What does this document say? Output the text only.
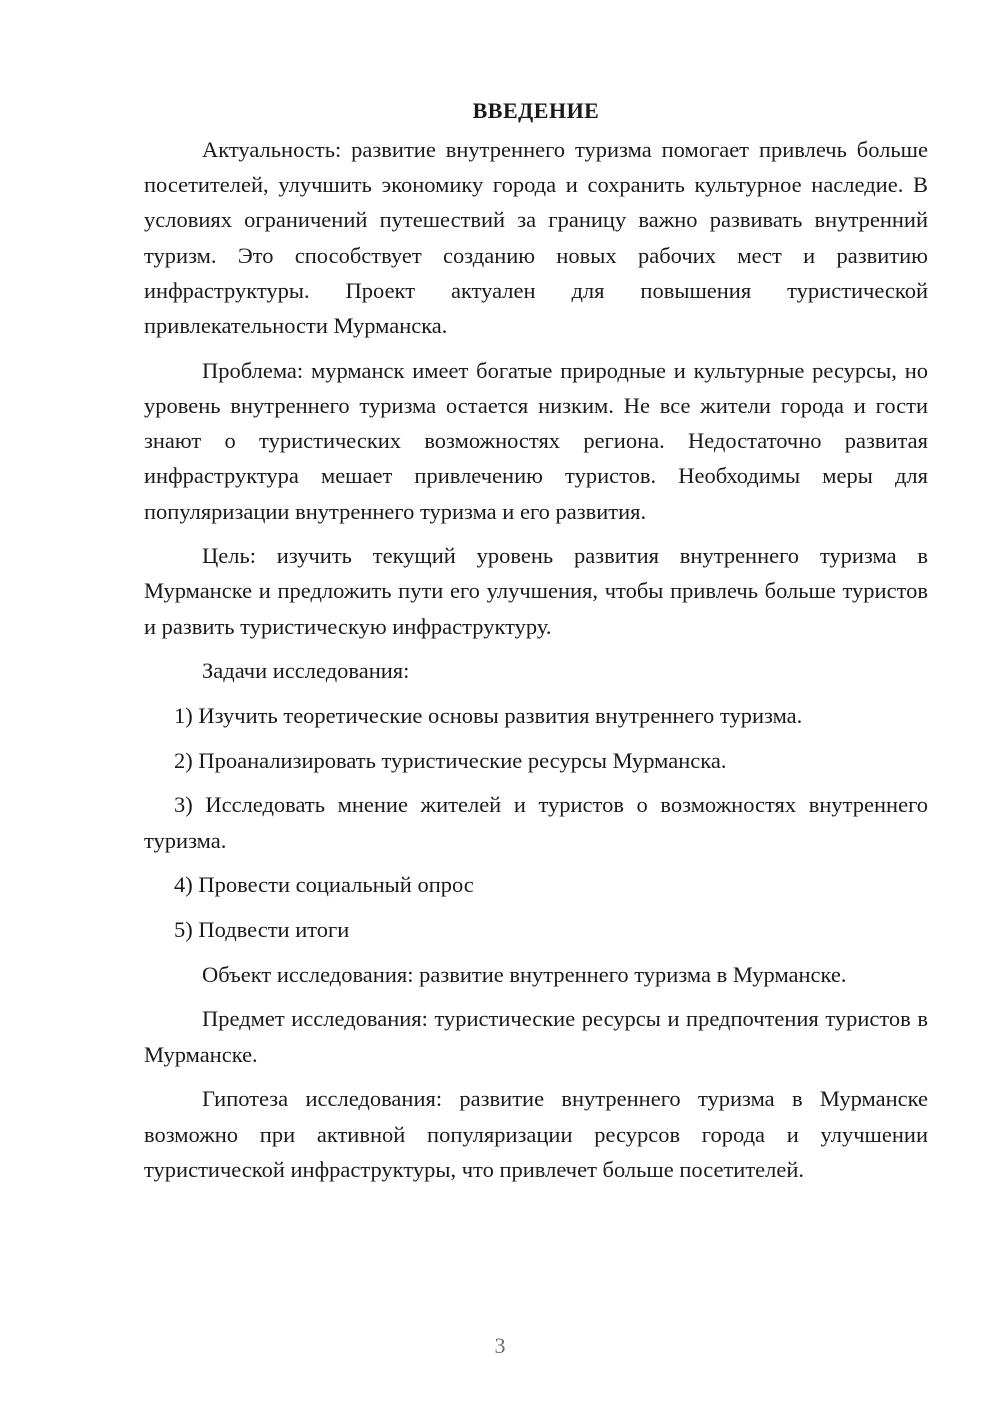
ВВЕДЕНИЕ

Актуальность: развитие внутреннего туризма помогает привлечь больше посетителей, улучшить экономику города и сохранить культурное наследие. В условиях ограничений путешествий за границу важно развивать внутренний туризм. Это способствует созданию новых рабочих мест и развитию инфраструктуры. Проект актуален для повышения туристической привлекательности Мурманска.

Проблема: мурманск имеет богатые природные и культурные ресурсы, но уровень внутреннего туризма остается низким. Не все жители города и гости знают о туристических возможностях региона. Недостаточно развитая инфраструктура мешает привлечению туристов. Необходимы меры для популяризации внутреннего туризма и его развития.

Цель: изучить текущий уровень развития внутреннего туризма в Мурманске и предложить пути его улучшения, чтобы привлечь больше туристов и развить туристическую инфраструктуру.

Задачи исследования:

1) Изучить теоретические основы развития внутреннего туризма.

2) Проанализировать туристические ресурсы Мурманска.

3) Исследовать мнение жителей и туристов о возможностях внутреннего туризма.

4) Провести социальный опрос

5) Подвести итоги

Объект исследования: развитие внутреннего туризма в Мурманске.

Предмет исследования: туристические ресурсы и предпочтения туристов в Мурманске.

Гипотеза исследования: развитие внутреннего туризма в Мурманске возможно при активной популяризации ресурсов города и улучшении туристической инфраструктуры, что привлечет больше посетителей.

3
